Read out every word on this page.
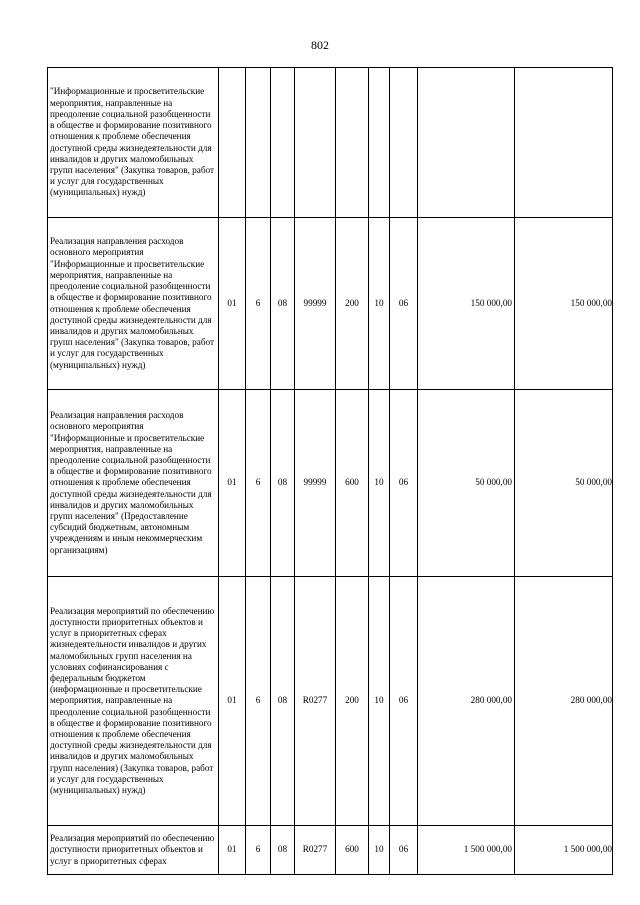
802
"Информационные и просветительские мероприятия, направленные на преодоление социальной разобщенности в обществе и формирование позитивного отношения к проблеме обеспечения доступной среды жизнедеятельности для инвалидов и других маломобильных групп населения" (Закупка товаров, работ и услуг для государственных (муниципальных) нужд)									
Реализация направления расходов основного мероприятия "Информационные и просветительские мероприятия, направленные на преодоление социальной разобщенности в обществе и формирование позитивного отношения к проблеме обеспечения доступной среды жизнедеятельности для инвалидов и других маломобильных групп населения" (Закупка товаров, работ и услуг для государственных (муниципальных) нужд)	01	6	08	99999	200	10	06	150 000,00	150 000,00
Реализация направления расходов основного мероприятия "Информационные и просветительские мероприятия, направленные на преодоление социальной разобщенности в обществе и формирование позитивного отношения к проблеме обеспечения доступной среды жизнедеятельности для инвалидов и других маломобильных групп населения" (Предоставление субсидий бюджетным, автономным учреждениям и иным некоммерческим организациям)	01	6	08	99999	600	10	06	50 000,00	50 000,00
Реализация мероприятий по обеспечению доступности приоритетных объектов и услуг в приоритетных сферах жизнедеятельности инвалидов и других маломобильных групп населения на условиях софинансирования с федеральным бюджетом (информационные и просветительские мероприятия, направленные на преодоление социальной разобщенности в обществе и формирование позитивного отношения к проблеме обеспечения доступной среды жизнедеятельности для инвалидов и других маломобильных групп населения) (Закупка товаров, работ и услуг для государственных (муниципальных) нужд)	01	6	08	R0277	200	10	06	280 000,00	280 000,00
Реализация мероприятий по обеспечению доступности приоритетных объектов и услуг в приоритетных сферах	01	6	08	R0277	600	10	06	1 500 000,00	1 500 000,00
